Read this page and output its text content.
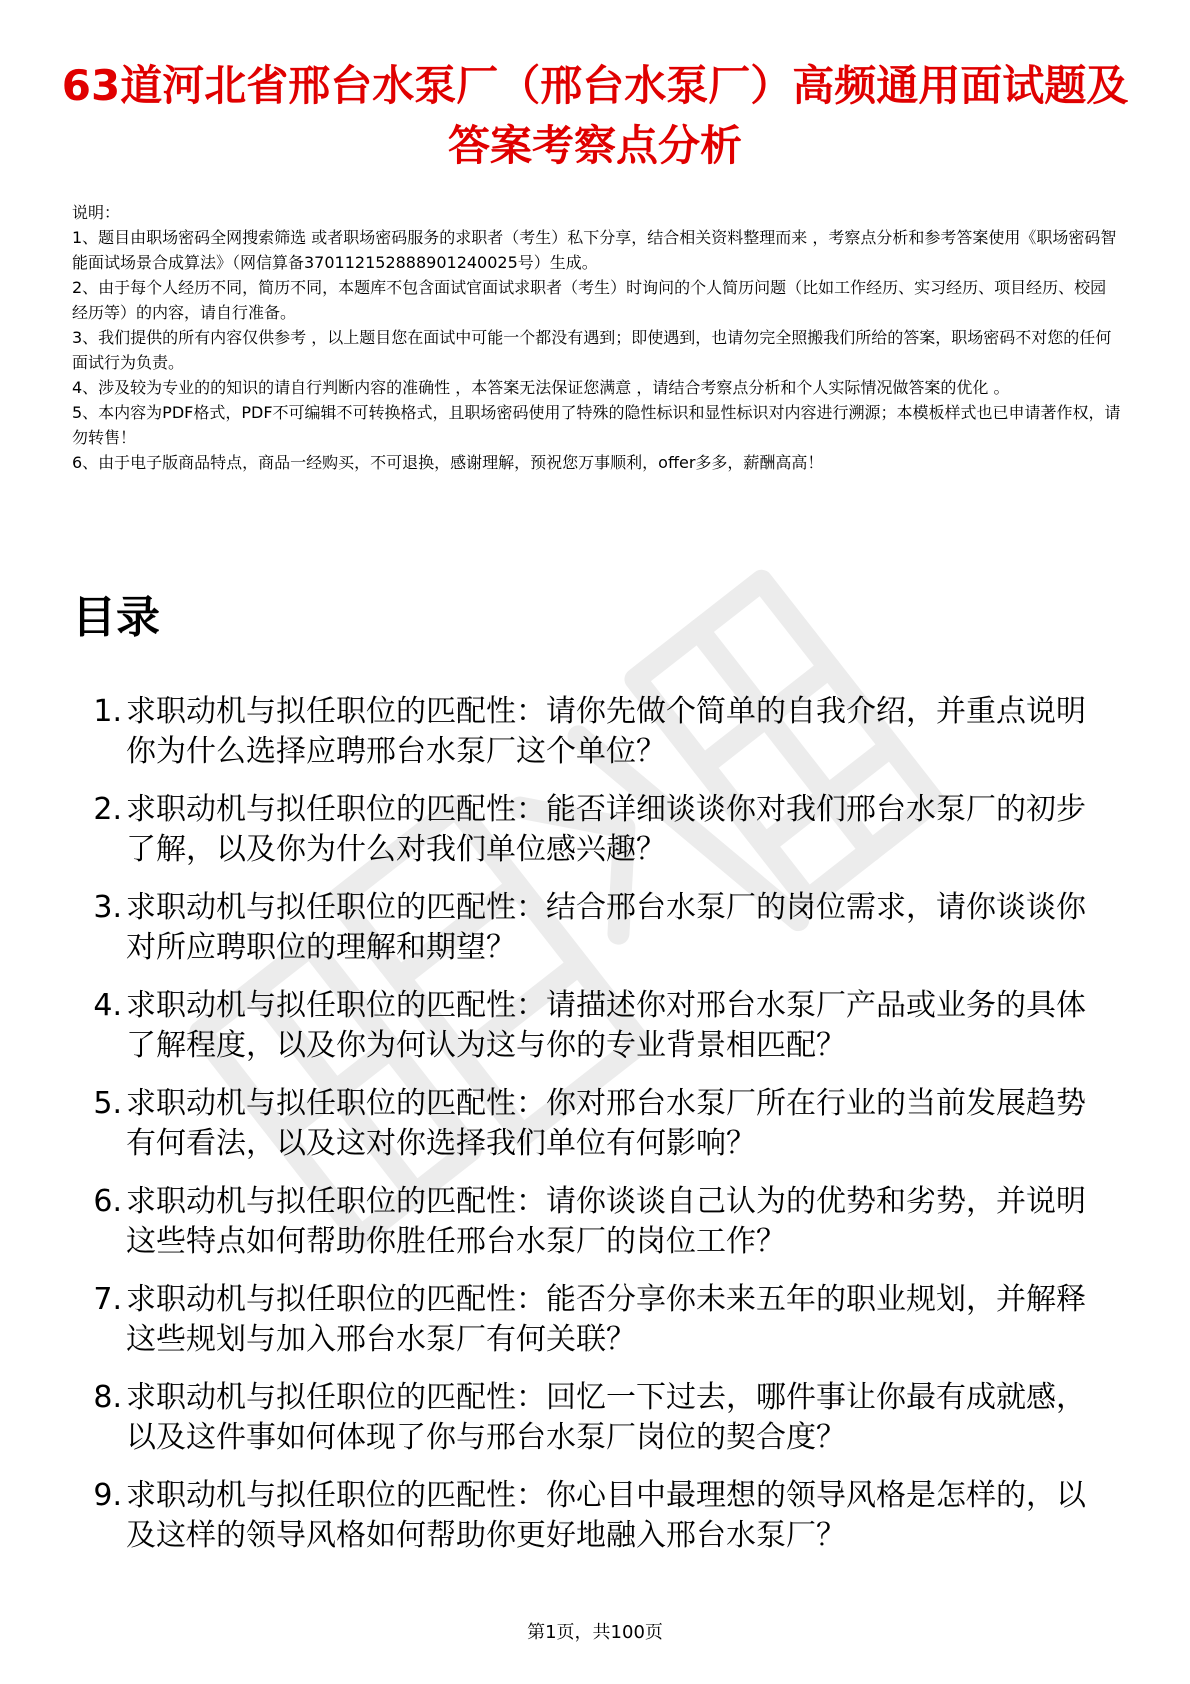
63道河北省邢台水泵厂（邢台水泵厂）高频通用面试题及答案考察点分析

说明：

1、题目由职场密码全网搜索筛选 或者职场密码服务的求职者（考生）私下分享，结合相关资料整理而来 ，考察点分析和参考答案使用《职场密码智能面试场景合成算法》（网信算备370112152888901240025号）生成。

2、由于每个人经历不同，简历不同，本题库不包含面试官面试求职者（考生）时询问的个人简历问题（比如工作经历、实习经历、项目经历、校园经历等）的内容，请自行准备。

3、我们提供的所有内容仅供参考 ，以上题目您在面试中可能一个都没有遇到；即使遇到，也请勿完全照搬我们所给的答案，职场密码不对您的任何面试行为负责。

4、涉及较为专业的的知识的请自行判断内容的准确性 ，本答案无法保证您满意 ，请结合考察点分析和个人实际情况做答案的优化 。

5、本内容为PDF格式，PDF不可编辑不可转换格式，且职场密码使用了特殊的隐性标识和显性标识对内容进行溯源；本模板样式也已申请著作权，请勿转售！

6、由于电子版商品特点，商品一经购买，不可退换，感谢理解，预祝您万事顺利，offer多多，薪酬高高！

目录
1. 求职动机与拟任职位的匹配性：请你先做个简单的自我介绍，并重点说明你为什么选择应聘邢台水泵厂这个单位？
2. 求职动机与拟任职位的匹配性：能否详细谈谈你对我们邢台水泵厂的初步了解，以及你为什么对我们单位感兴趣？
3. 求职动机与拟任职位的匹配性：结合邢台水泵厂的岗位需求，请你谈谈你对所应聘职位的理解和期望？
4. 求职动机与拟任职位的匹配性：请描述你对邢台水泵厂产品或业务的具体了解程度，以及你为何认为这与你的专业背景相匹配？
5. 求职动机与拟任职位的匹配性：你对邢台水泵厂所在行业的当前发展趋势有何看法，以及这对你选择我们单位有何影响？
6. 求职动机与拟任职位的匹配性：请你谈谈自己认为的优势和劣势，并说明这些特点如何帮助你胜任邢台水泵厂的岗位工作？
7. 求职动机与拟任职位的匹配性：能否分享你未来五年的职业规划，并解释这些规划与加入邢台水泵厂有何关联？
8. 求职动机与拟任职位的匹配性：回忆一下过去，哪件事让你最有成就感，以及这件事如何体现了你与邢台水泵厂岗位的契合度？
9. 求职动机与拟任职位的匹配性：你心目中最理想的领导风格是怎样的，以及这样的领导风格如何帮助你更好地融入邢台水泵厂？
第1页，共100页
